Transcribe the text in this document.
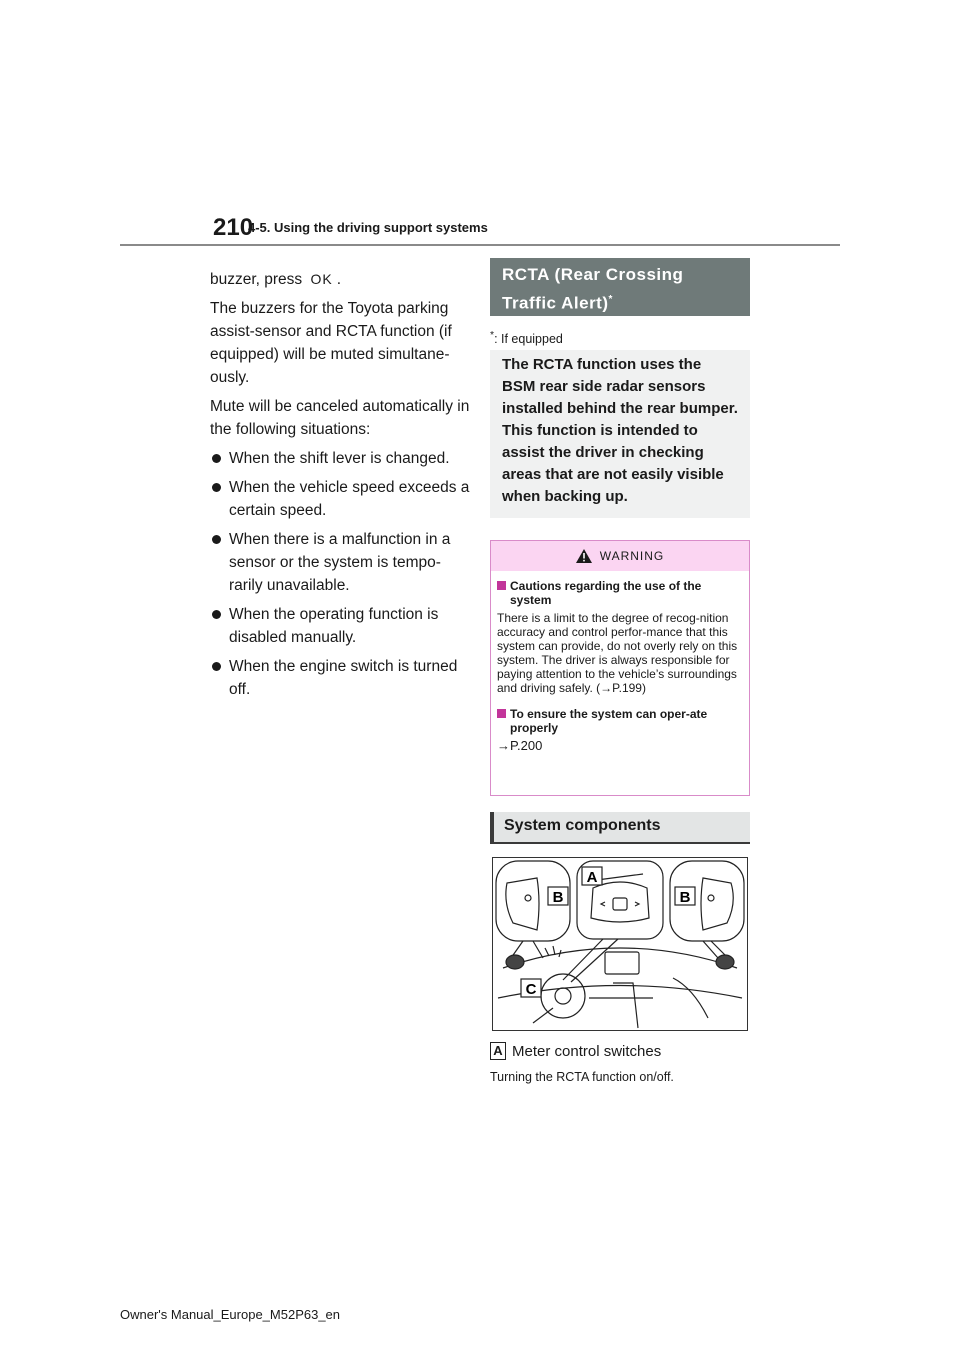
210
4-5. Using the driving support systems

buzzer, press OK .

The buzzers for the Toyota parking assist-sensor and RCTA function (if equipped) will be muted simultane-ously.

Mute will be canceled automatically in the following situations:

When the shift lever is changed.
When the vehicle speed exceeds a certain speed.
When there is a malfunction in a sensor or the system is tempo-rarily unavailable.
When the operating function is disabled manually.
When the engine switch is turned off.
RCTA (Rear Crossing Traffic Alert)*
*: If equipped
The RCTA function uses the BSM rear side radar sensors installed behind the rear bumper. This function is intended to assist the driver in checking areas that are not easily visible when backing up.
WARNING
Cautions regarding the use of the system
There is a limit to the degree of recog-nition accuracy and control perfor-mance that this system can provide, do not overly rely on this system. The driver is always responsible for paying attention to the vehicle’s surroundings and driving safely. (→P.199)
To ensure the system can oper-ate properly
→P.200
System components
B
A
B
C
A Meter control switches
Turning the RCTA function on/off.
Owner's Manual_Europe_M52P63_en
